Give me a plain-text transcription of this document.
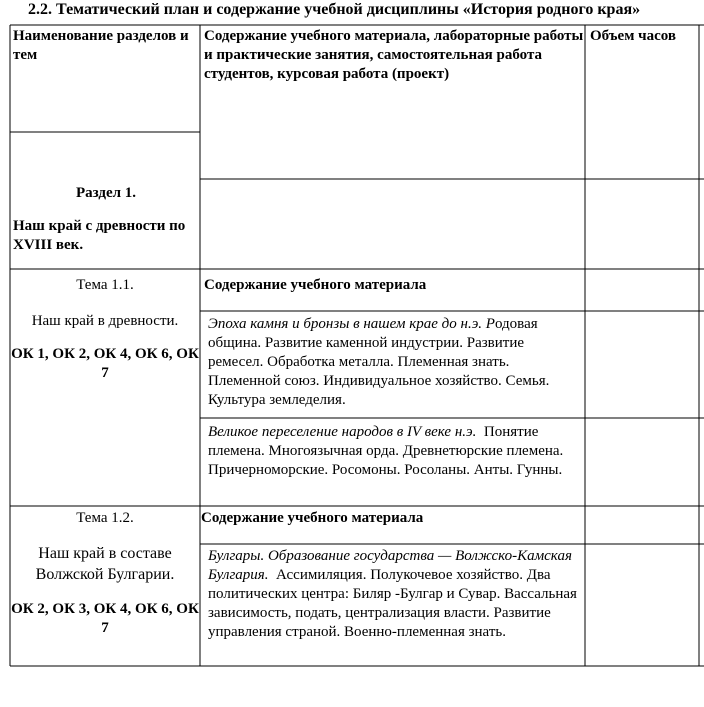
2.2. Тематический план и содержание учебной дисциплины «История родного края»
Наименование разделов и тем
Содержание учебного материала, лабораторные работы и практические занятия, самостоятельная работа студентов, курсовая работа (проект)
Объем часов
Раздел 1.
Наш край с древности по XVIII век.
Тема 1.1.
Наш край в древности.
ОК 1, ОК 2, ОК 4, ОК 6, ОК 7
Содержание учебного материала
Эпоха камня и бронзы в нашем крае до н.э. Родовая община. Развитие каменной индустрии. Развитие ремесел. Обработка металла. Племенная знать. Племенной союз. Индивидуальное хозяйство. Семья. Культура земледелия.
Великое переселение народов в IV веке н.э. Понятие племена. Многоязычная орда. Древнетюрские племена. Причерноморские. Росомоны. Росоланы. Анты. Гунны.
Тема 1.2.
Наш край в составе Волжской Булгарии.
ОК 2, ОК 3, ОК 4, ОК 6, ОК 7
Содержание учебного материала
Булгары. Образование государства — Волжско-Камская Булгария. Ассимиляция. Полукочевое хозяйство. Два политических центра: Биляр -Булгар и Сувар. Вассальная зависимость, подать, централизация власти. Развитие управления страной. Военно-племенная знать.
